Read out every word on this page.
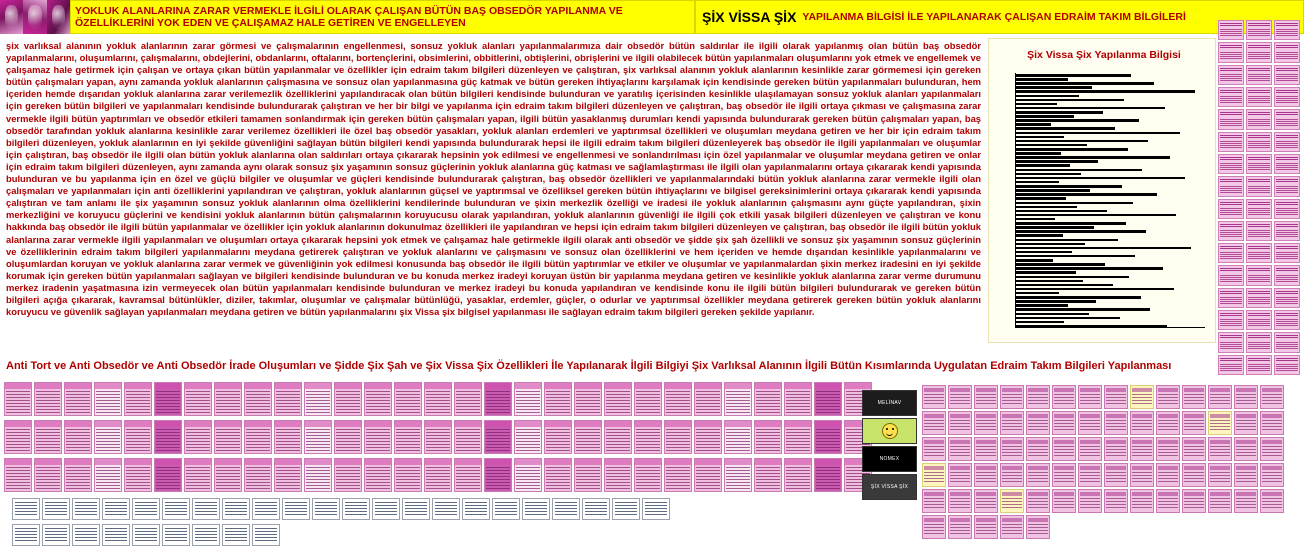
YOKLUK ALANLARINA ZARAR VERMEKLE İLGİLİ OLARAK ÇALIŞAN BÜTÜN BAŞ OBSEDÖR YAPILANMA VE ÖZELLİKLERİNİ YOK EDEN VE ÇALIŞAMAZ HALE GETİREN VE ENGELLEYEN	ŞİX VİSSA ŞİX YAPILANMA BİLGİSİ İLE YAPILANARAK ÇALIŞAN EDRAİM TAKIM BİLGİLERİ
şix varlıksal alanının yokluk alanlarının zarar görmesi ve çalışmalarının engellenmesi, sonsuz yokluk alanları yapılanmalarımıza dair obsedör bütün saldırılar ile ilgili olarak yapılanmış olan bütün baş obsedör yapılanmalarını, oluşumlarını, çalışmalarını, obdejlerini, obdanlarını, oftalarını, bortençlerini, obsimlerini, obbitlerini, obtişlerini, obrişlerini ve ilgili olabilecek bütün yapılanmaları oluşumlarını yok etmek ve engellemek ve çalışamaz hale getirmek için çalışan ve ortaya çıkan bütün yapılanmalar ve özellikler için edraim takım bilgileri düzenleyen ve çalıştıran, şix varlıksal alanının yokluk alanlarının kesinlikle zarar görmemesi için gereken bütün çalışmaları yapan, aynı zamanda yokluk alanlarının çalışmasına ve sonsuz olan yapılanmasına güç katmak ve bütün gereken ihtiyaçlarını karşılamak için kendisinde gereken bütün yapılanmaları bulunduran, hem içeriden hemde dışarıdan yokluk alanlarına zarar verilemezlik özelliklerini yapılandıracak olan bütün bilgileri kendisinde bulunduran ve yaratılış içerisinden kesinlikle ulaşılamayan sonsuz yokluk alanları yapılanmaları için gereken bütün bilgileri ve yapılanmaları kendisinde bulundurarak çalıştıran ve her bir bilgi ve yapılanma için edraim takım bilgileri düzenleyen ve çalıştıran, baş obsedör ile ilgili ortaya çıkması ve çalışmasına zarar vermekle ilgili bütün yaptırımları ve obsedör etkileri tamamen sonlandırmak için gereken bütün çalışmaları yapan, ilgili bütün yasaklanmış durumları kendi yapısında bulundurarak gereken bütün çalışmaları yapan, baş obsedör tarafından yokluk alanlarına kesinlikle zarar verilemez özellikleri ile özel baş obsedör yasakları, yokluk alanları erdemleri ve yaptırımsal özellikleri ve oluşumları meydana getiren ve her bir için edraim takım bilgileri düzenleyen, yokluk alanlarının en iyi şekilde güvenliğini sağlayan bütün bilgileri kendi yapısında bulundurarak hepsi ile ilgili edraim takım bilgileri düzenleyerek baş obsedör ile ilgili yapılanmaları ve oluşumlar için çalıştıran, baş obsedör ile ilgili olan bütün yokluk alanlarına olan saldırıları ortaya çıkararak hepsinin yok edilmesi ve engellenmesi ve sonlandırılması için özel yapılanmalar ve oluşumlar meydana getiren ve onlar için edraim takım bilgileri düzenleyen, aynı zamanda aynı olarak sonsuz şix yaşamının sonsuz güçlerinin yokluk alanlarına güç katması ve sağlamlaştırması ile ilgili olan yapılanmalarını ortaya çıkararak kendi yapısında bulunduran ve bu yapılanma için en özel ve güçlü bilgiler ve oluşumlar ve güçleri kendisinde bulundurarak çalıştıran, baş obsedör özellikleri ve yapılanmalarındaki bütün yokluk alanlarına zarar vermekle ilgili olan çalışmaları ve yapılanmaları için anti özelliklerini yapılandıran ve çalıştıran, yokluk alanlarının güçsel ve yaptırımsal ve özelliksel gereken bütün ihtiyaçlarını ve bilgisel gereksinimlerini ortaya çıkararak kendi yapısında çalıştıran ve tam anlamı ile şix yaşamının sonsuz yokluk alanlarının olma özelliklerini kendilerinde bulunduran ve şixin merkezlik özelliği ve iradesi ile yokluk alanlarının çalışmasını aynı güçte yapılandıran, şixin merkezliğini ve koruyucu güçlerini ve kendisini yokluk alanlarının bütün çalışmalarının koruyucusu olarak yapılandıran, yokluk alanlarının güvenliği ile ilgili çok etkili yasak bilgileri düzenleyen ve çalıştıran ve konu hakkında baş obsedör ile ilgili bütün yapılanmalar ve özellikler için yokluk alanlarının dokunulmaz özellikleri ile yapılandıran ve hepsi için edraim takım bilgileri düzenleyen ve çalıştıran, baş obsedör ile ilgili bütün yokluk alanlarına zarar vermekle ilgili yapılanmaları ve oluşumları ortaya çıkararak hepsini yok etmek ve çalışamaz hale getirmekle ilgili olarak anti obsedör ve şidde şix şah özellikli ve sonsuz şix yaşamının sonsuz güçlerinin ve özelliklerinin edraim takım bilgileri yapılanmalarını meydana getirerek çalıştıran ve yokluk alanlarını ve çalışmasını ve sonsuz olan özelliklerini ve hem içeriden ve hemde dışarıdan kesinlikle yapılanmalarını ve oluşumlardan koruyan ve yokluk alanlarına zarar vermek ve güvenliğinin yok edilmesi konusunda baş obsedör ile ilgili bütün yaptırımlar ve etkiler ve oluşumlar ve yapılanmalardan şixin merkez iradesini en iyi şekilde korumak için gereken bütün yapılanmaları sağlayan ve bilgileri kendisinde bulunduran ve bu konuda merkez iradeyi koruyan üstün bir yapılanma meydana getiren ve kesinlikle yokluk alanlarına zarar verme durumunu merkez iradenin yaşatmasına izin vermeyecek olan bütün yapılanmaları kendisinde bulunduran ve merkez iradeyi bu konuda yapılandıran ve kendisinde konu ile ilgili bütün bilgileri bulundurarak ve gereken bütün bilgileri açığa çıkararak, kavramsal bütünlükler, diziler, takımlar, oluşumlar ve çalışmalar bütünlüğü, yasaklar, erdemler, güçler, o odurlar ve yaptırımsal özellikler meydana getirerek gereken bütün yokluk alanlarını koruyucu ve güvenlik sağlayan yapılanmaları meydana getiren ve bütün yapılanmalarını şix Vissa şix bilgisel yapılanması ile sağlayan edraim takım bilgileri gereken şekilde yapılanır.
Şix Vissa Şix Yapılanma Bilgisi
Anti Tort ve Anti Obsedör ve Anti Obsedör İrade Oluşumları ve Şidde Şix Şah ve Şix Vissa Şix Özellikleri İle Yapılanarak İlgili Bilgiyi Şix Varlıksal Alanının İlgili Bütün Kısımlarında Uygulatan Edraim Takım Bilgileri Yapılanması
MELİNAV
NOMEX
ŞİX VİSSA ŞİX
